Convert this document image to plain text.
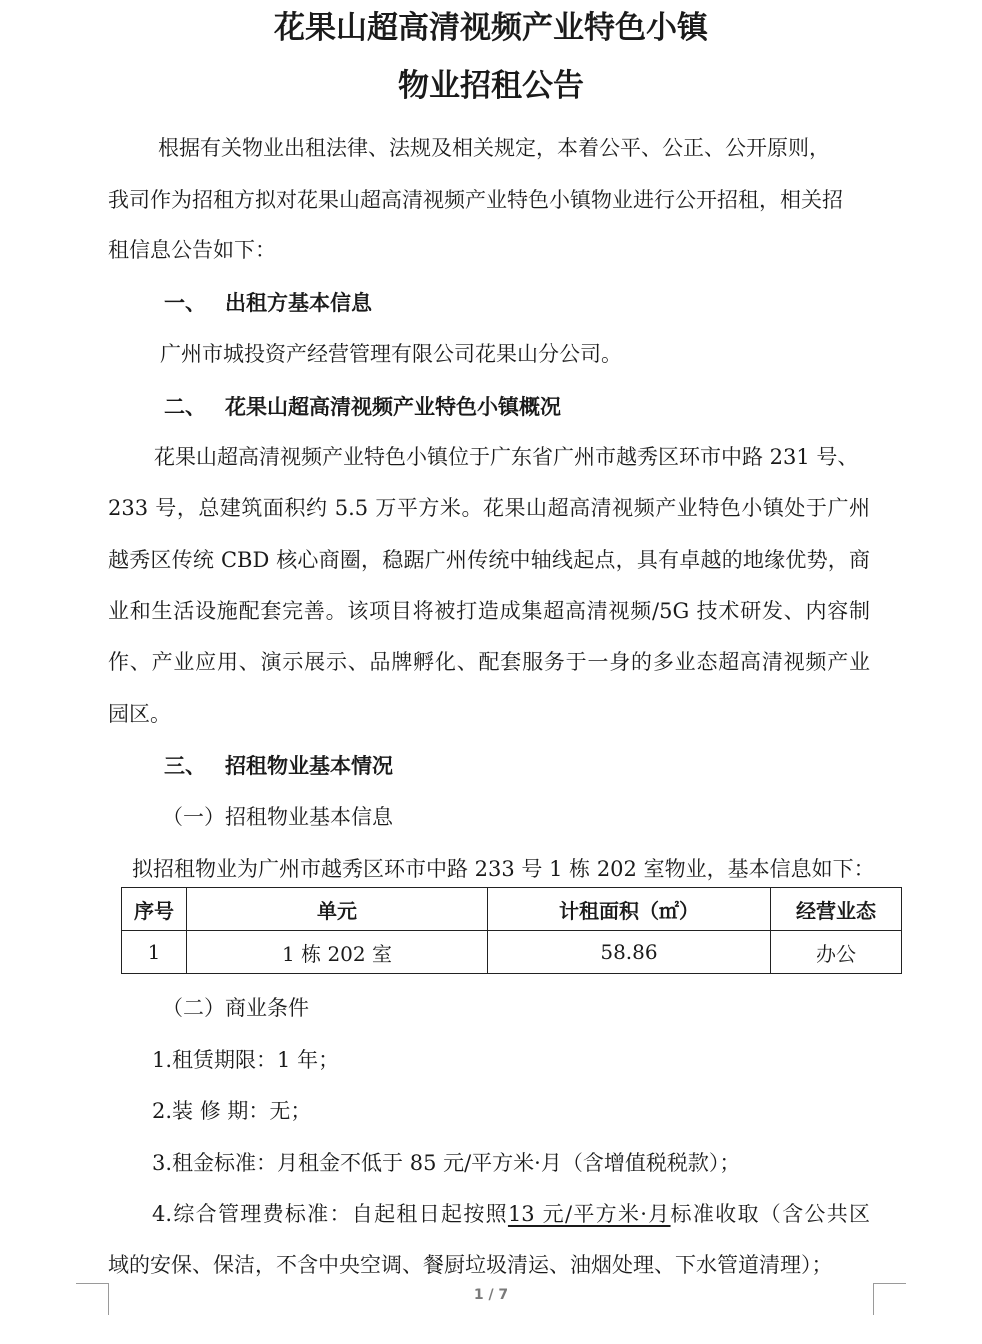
花果山超高清视频产业特色小镇
物业招租公告
根据有关物业出租法律、法规及相关规定，本着公平、公正、公开原则，
我司作为招租方拟对花果山超高清视频产业特色小镇物业进行公开招租，相关招
租信息公告如下：
一、 出租方基本信息
广州市城投资产经营管理有限公司花果山分公司。
二、 花果山超高清视频产业特色小镇概况
花果山超高清视频产业特色小镇位于广东省广州市越秀区环市中路 231 号、
233 号，总建筑面积约 5.5 万平方米。花果山超高清视频产业特色小镇处于广州
越秀区传统 CBD 核心商圈，稳踞广州传统中轴线起点，具有卓越的地缘优势，商
业和生活设施配套完善。该项目将被打造成集超高清视频/5G 技术研发、内容制
作、产业应用、演示展示、品牌孵化、配套服务于一身的多业态超高清视频产业
园区。
三、 招租物业基本情况
（一） 招租物业基本信息
拟招租物业为广州市越秀区环市中路 233 号 1 栋 202 室物业，基本信息如下：
序号	单元	计租面积（㎡）	经营业态
1	1 栋 202 室	58.86	办公
（二） 商业条件
1.租赁期限：1 年；
2.装 修 期：无；
3.租金标准：月租金不低于 85 元/平方米·月（含增值税税款）；
4.综合管理费标准：自起租日起按照13 元/平方米·月标准收取（含公共区
域的安保、保洁，不含中央空调、餐厨垃圾清运、油烟处理、下水管道清理）；
1 / 7
